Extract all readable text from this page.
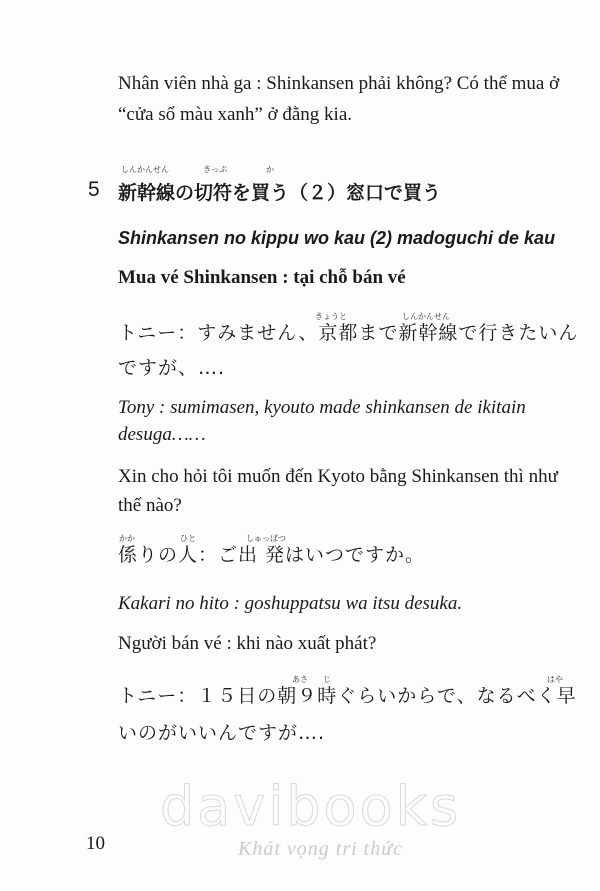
Nhân viên nhà ga : Shinkansen phải không? Có thể mua ở
“cửa sổ màu xanh” ở đằng kia.
しんかんせん	きっぷ	か
5 新幹線の切符を買う（２）窓口で買う
Shinkansen no kippu wo kau (2) madoguchi de kau
Mua vé Shinkansen : tại chỗ bán vé
きょうと	しんかんせん
トニー：すみません、京都まで新幹線で行きたいん
ですが、….
Tony : sumimasen, kyouto made shinkansen de ikitain
desuga……
Xin cho hỏi tôi muốn đến Kyoto bằng Shinkansen thì như
thế nào?
かか	ひと	しゅっぱつ
係りの人：ご出 発はいつですか。
Kakari no hito : goshuppatsu wa itsu desuka.
Người bán vé : khi nào xuất phát?
あさ じ	はや
トニー：１５日の朝９時ぐらいからで、なるべく早
いのがいいんですが….
davibooks
Khát vọng tri thức
10
